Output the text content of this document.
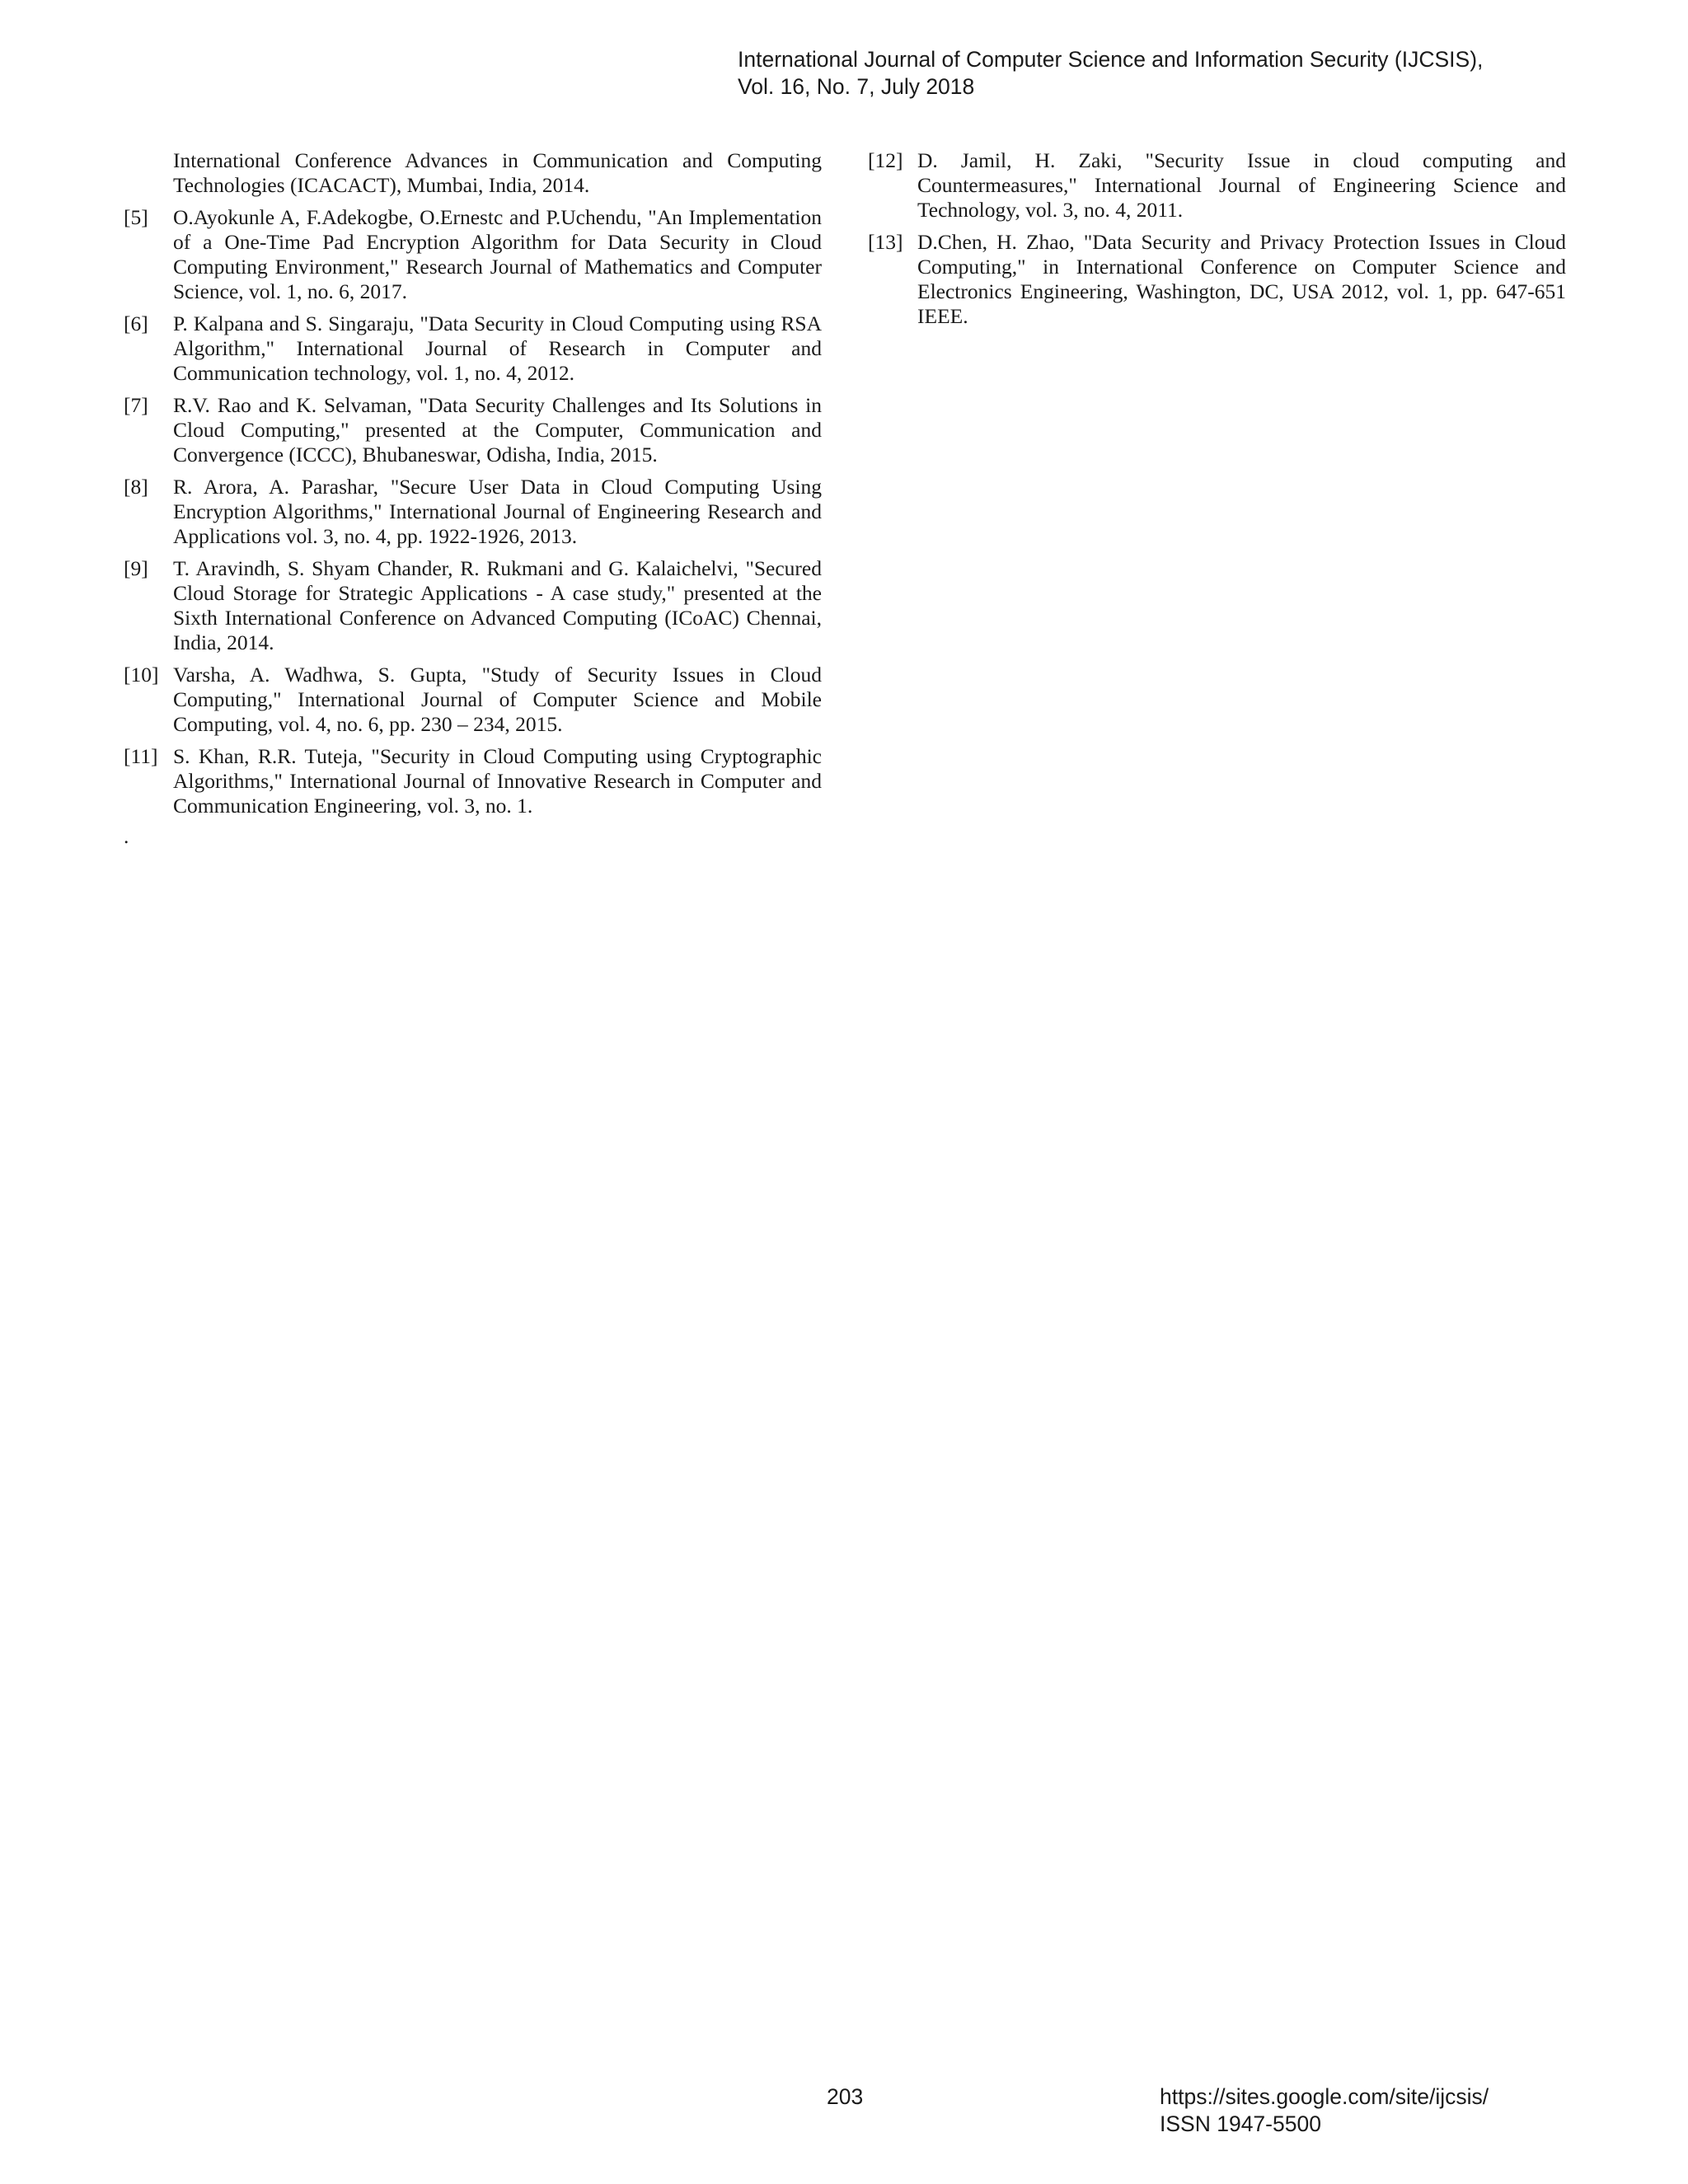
International Journal of Computer Science and Information Security (IJCSIS),
Vol. 16, No. 7, July 2018
International Conference Advances in Communication and Computing Technologies (ICACACT), Mumbai, India, 2014.
[5]	O.Ayokunle A, F.Adekogbe, O.Ernestc and P.Uchendu, "An Implementation of a One-Time Pad Encryption Algorithm for Data Security in Cloud Computing Environment," Research Journal of Mathematics and Computer Science, vol. 1, no. 6, 2017.
[6]	P. Kalpana and S. Singaraju, "Data Security in Cloud Computing using RSA Algorithm," International Journal of Research in Computer and Communication technology, vol. 1, no. 4, 2012.
[7]	R.V. Rao and K. Selvaman, "Data Security Challenges and Its Solutions in Cloud Computing," presented at the Computer, Communication and Convergence (ICCC), Bhubaneswar, Odisha, India, 2015.
[8]	R. Arora, A. Parashar, "Secure User Data in Cloud Computing Using Encryption Algorithms," International Journal of Engineering Research and Applications vol. 3, no. 4, pp. 1922-1926, 2013.
[9]	T. Aravindh, S. Shyam Chander, R. Rukmani and G. Kalaichelvi, "Secured Cloud Storage for Strategic Applications - A case study," presented at the Sixth International Conference on Advanced Computing (ICoAC) Chennai, India, 2014.
[10] Varsha, A. Wadhwa, S. Gupta, "Study of Security Issues in Cloud Computing," International Journal of Computer Science and Mobile Computing, vol. 4, no. 6, pp. 230 – 234, 2015.
[11] S. Khan, R.R. Tuteja, "Security in Cloud Computing using Cryptographic Algorithms," International Journal of Innovative Research in Computer and Communication Engineering, vol. 3, no. 1.
.
[12] D. Jamil, H. Zaki, "Security Issue in cloud computing and Countermeasures," International Journal of Engineering Science and Technology, vol. 3, no. 4, 2011.
[13] D.Chen, H. Zhao, "Data Security and Privacy Protection Issues in Cloud Computing," in International Conference on Computer Science and Electronics Engineering, Washington, DC, USA 2012, vol. 1, pp. 647-651 IEEE.
203	https://sites.google.com/site/ijcsis/
ISSN 1947-5500
